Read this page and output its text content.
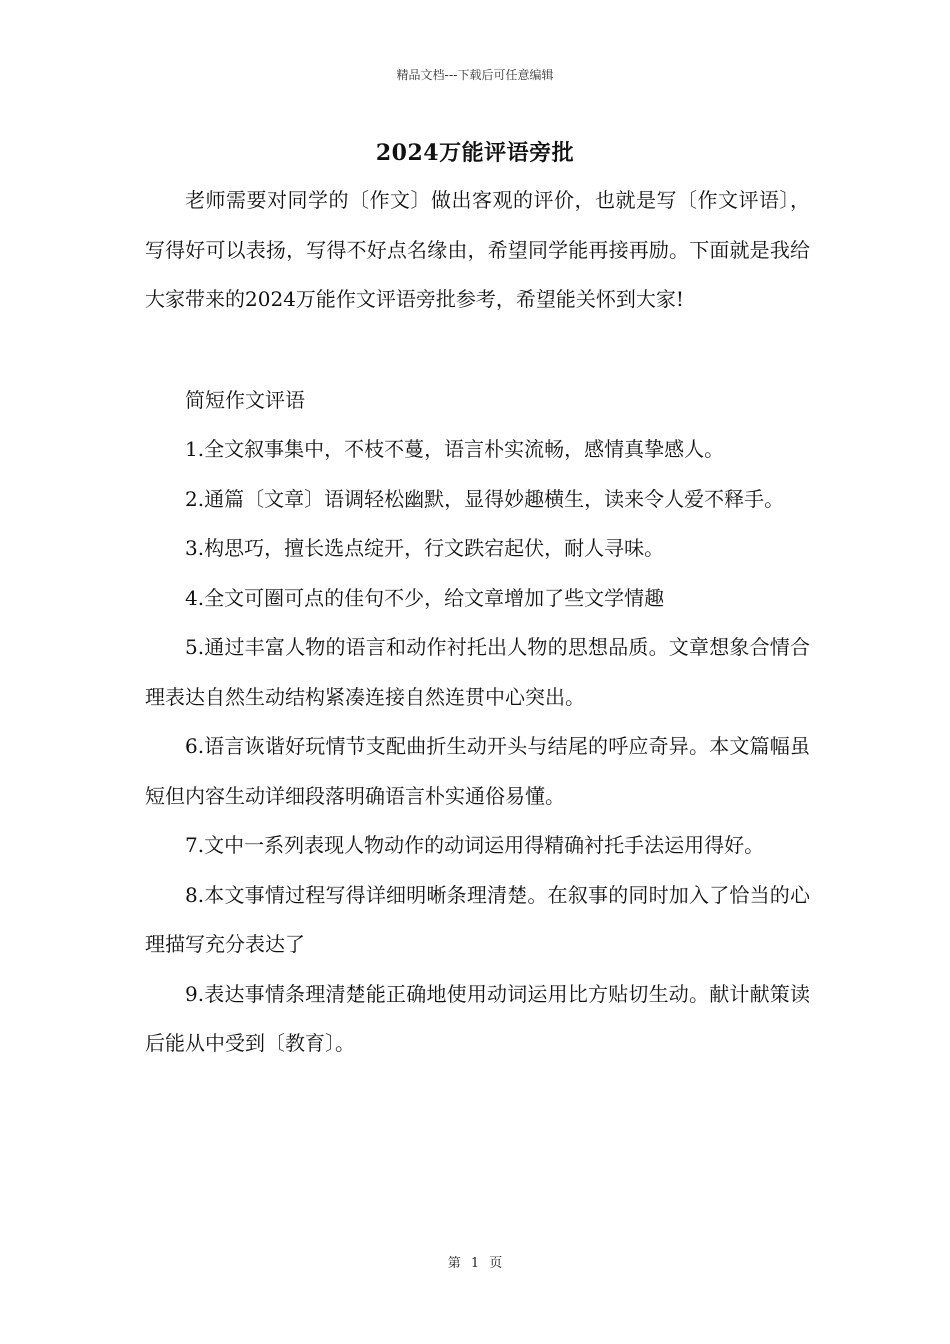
精品文档---下载后可任意编辑
2024万能评语旁批

老师需要对同学的〔作文〕做出客观的评价，也就是写〔作文评语〕，写得好可以表扬，写得不好点名缘由，希望同学能再接再励。下面就是我给大家带来的2024万能作文评语旁批参考，希望能关怀到大家!

简短作文评语

1.全文叙事集中，不枝不蔓，语言朴实流畅，感情真挚感人。

2.通篇〔文章〕语调轻松幽默，显得妙趣横生，读来令人爱不释手。

3.构思巧，擅长选点绽开，行文跌宕起伏，耐人寻味。

4.全文可圈可点的佳句不少，给文章增加了些文学情趣

5.通过丰富人物的语言和动作衬托出人物的思想品质。文章想象合情合理表达自然生动结构紧凑连接自然连贯中心突出。

6.语言诙谐好玩情节支配曲折生动开头与结尾的呼应奇异。本文篇幅虽短但内容生动详细段落明确语言朴实通俗易懂。

7.文中一系列表现人物动作的动词运用得精确衬托手法运用得好。

8.本文事情过程写得详细明晰条理清楚。在叙事的同时加入了恰当的心理描写充分表达了

9.表达事情条理清楚能正确地使用动词运用比方贴切生动。献计献策读后能从中受到〔教育〕。

第 1 页
